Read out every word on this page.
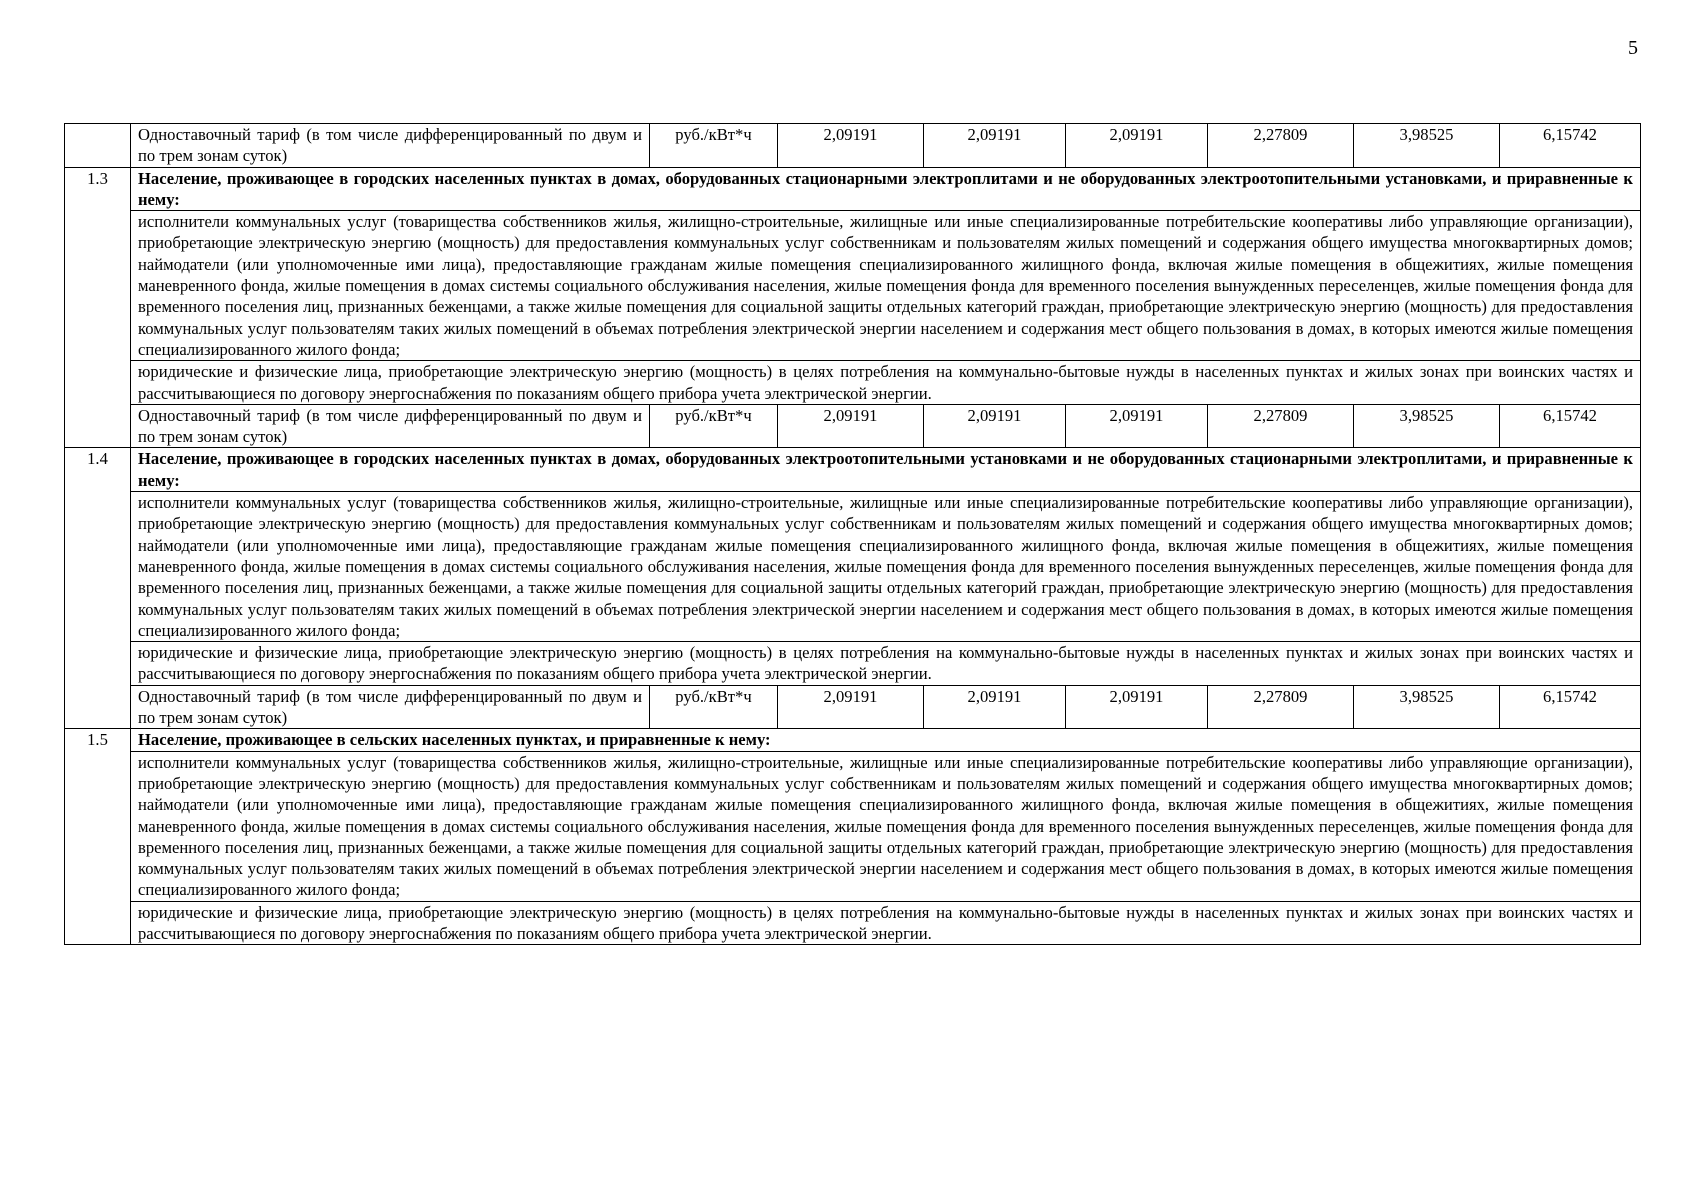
5
	Одноставочный тариф (в том числе дифференцированный по двум и по трем зонам суток)	руб./кВт*ч	2,09191	2,09191	2,09191	2,27809	3,98525	6,15742
1.3	Население, проживающее в городских населенных пунктах в домах, оборудованных стационарными электроплитами и не оборудованных электроотопительными установками, и приравненные к нему:							
	исполнители коммунальных услуг (товарищества собственников жилья, жилищно-строительные, жилищные или иные специализированные потребительские кооперативы либо управляющие организации), приобретающие электрическую энергию (мощность) для предоставления коммунальных услуг собственникам и пользователям жилых помещений и содержания общего имущества многоквартирных домов; наймодатели (или уполномоченные ими лица), предоставляющие гражданам жилые помещения специализированного жилищного фонда, включая жилые помещения в общежитиях, жилые помещения маневренного фонда, жилые помещения в домах системы социального обслуживания населения, жилые помещения фонда для временного поселения вынужденных переселенцев, жилые помещения фонда для временного поселения лиц, признанных беженцами, а также жилые помещения для социальной защиты отдельных категорий граждан, приобретающие электрическую энергию (мощность) для предоставления коммунальных услуг пользователям таких жилых помещений в объемах потребления электрической энергии населением и содержания мест общего пользования в домах, в которых имеются жилые помещения специализированного жилого фонда;							
	юридические и физические лица, приобретающие электрическую энергию (мощность) в целях потребления на коммунально-бытовые нужды в населенных пунктах и жилых зонах при воинских частях и рассчитывающиеся по договору энергоснабжения по показаниям общего прибора учета электрической энергии.							
	Одноставочный тариф (в том числе дифференцированный по двум и по трем зонам суток)	руб./кВт*ч	2,09191	2,09191	2,09191	2,27809	3,98525	6,15742
1.4	Население, проживающее в городских населенных пунктах в домах, оборудованных электроотопительными установками и не оборудованных стационарными электроплитами, и приравненные к нему:							
	исполнители коммунальных услуг (товарищества собственников жилья, жилищно-строительные, жилищные или иные специализированные потребительские кооперативы либо управляющие организации), приобретающие электрическую энергию (мощность) для предоставления коммунальных услуг собственникам и пользователям жилых помещений и содержания общего имущества многоквартирных домов; наймодатели (или уполномоченные ими лица), предоставляющие гражданам жилые помещения специализированного жилищного фонда, включая жилые помещения в общежитиях, жилые помещения маневренного фонда, жилые помещения в домах системы социального обслуживания населения, жилые помещения фонда для временного поселения вынужденных переселенцев, жилые помещения фонда для временного поселения лиц, признанных беженцами, а также жилые помещения для социальной защиты отдельных категорий граждан, приобретающие электрическую энергию (мощность) для предоставления коммунальных услуг пользователям таких жилых помещений в объемах потребления электрической энергии населением и содержания мест общего пользования в домах, в которых имеются жилые помещения специализированного жилого фонда;							
	юридические и физические лица, приобретающие электрическую энергию (мощность) в целях потребления на коммунально-бытовые нужды в населенных пунктах и жилых зонах при воинских частях и рассчитывающиеся по договору энергоснабжения по показаниям общего прибора учета электрической энергии.							
	Одноставочный тариф (в том числе дифференцированный по двум и по трем зонам суток)	руб./кВт*ч	2,09191	2,09191	2,09191	2,27809	3,98525	6,15742
1.5	Население, проживающее в сельских населенных пунктах, и приравненные к нему:							
	исполнители коммунальных услуг (товарищества собственников жилья, жилищно-строительные, жилищные или иные специализированные потребительские кооперативы либо управляющие организации), приобретающие электрическую энергию (мощность) для предоставления коммунальных услуг собственникам и пользователям жилых помещений и содержания общего имущества многоквартирных домов; наймодатели (или уполномоченные ими лица), предоставляющие гражданам жилые помещения специализированного жилищного фонда, включая жилые помещения в общежитиях, жилые помещения маневренного фонда, жилые помещения в домах системы социального обслуживания населения, жилые помещения фонда для временного поселения вынужденных переселенцев, жилые помещения фонда для временного поселения лиц, признанных беженцами, а также жилые помещения для социальной защиты отдельных категорий граждан, приобретающие электрическую энергию (мощность) для предоставления коммунальных услуг пользователям таких жилых помещений в объемах потребления электрической энергии населением и содержания мест общего пользования в домах, в которых имеются жилые помещения специализированного жилого фонда;							
	юридические и физические лица, приобретающие электрическую энергию (мощность) в целях потребления на коммунально-бытовые нужды в населенных пунктах и жилых зонах при воинских частях и рассчитывающиеся по договору энергоснабжения по показаниям общего прибора учета электрической энергии.							
